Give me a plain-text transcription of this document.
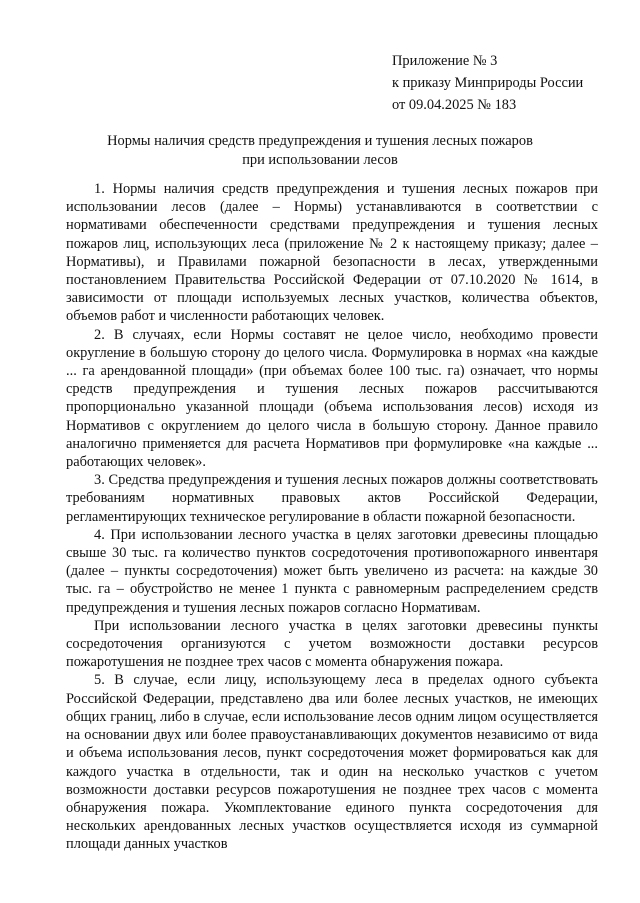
Приложение № 3
к приказу Минприроды России
от 09.04.2025 № 183
Нормы наличия средств предупреждения и тушения лесных пожаров
при использовании лесов

1. Нормы наличия средств предупреждения и тушения лесных пожаров при использовании лесов (далее – Нормы) устанавливаются в соответствии с нормативами обеспеченности средствами предупреждения и тушения лесных пожаров лиц, использующих леса (приложение № 2 к настоящему приказу; далее – Нормативы), и Правилами пожарной безопасности в лесах, утвержденными постановлением Правительства Российской Федерации от 07.10.2020 № 1614, в зависимости от площади используемых лесных участков, количества объектов, объемов работ и численности работающих человек.

2. В случаях, если Нормы составят не целое число, необходимо провести округление в большую сторону до целого числа. Формулировка в нормах «на каждые ... га арендованной площади» (при объемах более 100 тыс. га) означает, что нормы средств предупреждения и тушения лесных пожаров рассчитываются пропорционально указанной площади (объема использования лесов) исходя из Нормативов с округлением до целого числа в большую сторону. Данное правило аналогично применяется для расчета Нормативов при формулировке «на каждые ... работающих человек».

3. Средства предупреждения и тушения лесных пожаров должны соответствовать требованиям нормативных правовых актов Российской Федерации, регламентирующих техническое регулирование в области пожарной безопасности.

4. При использовании лесного участка в целях заготовки древесины площадью свыше 30 тыс. га количество пунктов сосредоточения противопожарного инвентаря (далее – пункты сосредоточения) может быть увеличено из расчета: на каждые 30 тыс. га – обустройство не менее 1 пункта с равномерным распределением средств предупреждения и тушения лесных пожаров согласно Нормативам.

При использовании лесного участка в целях заготовки древесины пункты сосредоточения организуются с учетом возможности доставки ресурсов пожаротушения не позднее трех часов с момента обнаружения пожара.

5. В случае, если лицу, использующему леса в пределах одного субъекта Российской Федерации, представлено два или более лесных участков, не имеющих общих границ, либо в случае, если использование лесов одним лицом осуществляется на основании двух или более правоустанавливающих документов независимо от вида и объема использования лесов, пункт сосредоточения может формироваться как для каждого участка в отдельности, так и один на несколько участков с учетом возможности доставки ресурсов пожаротушения не позднее трех часов с момента обнаружения пожара. Укомплектование единого пункта сосредоточения для нескольких арендованных лесных участков осуществляется исходя из суммарной площади данных участков
